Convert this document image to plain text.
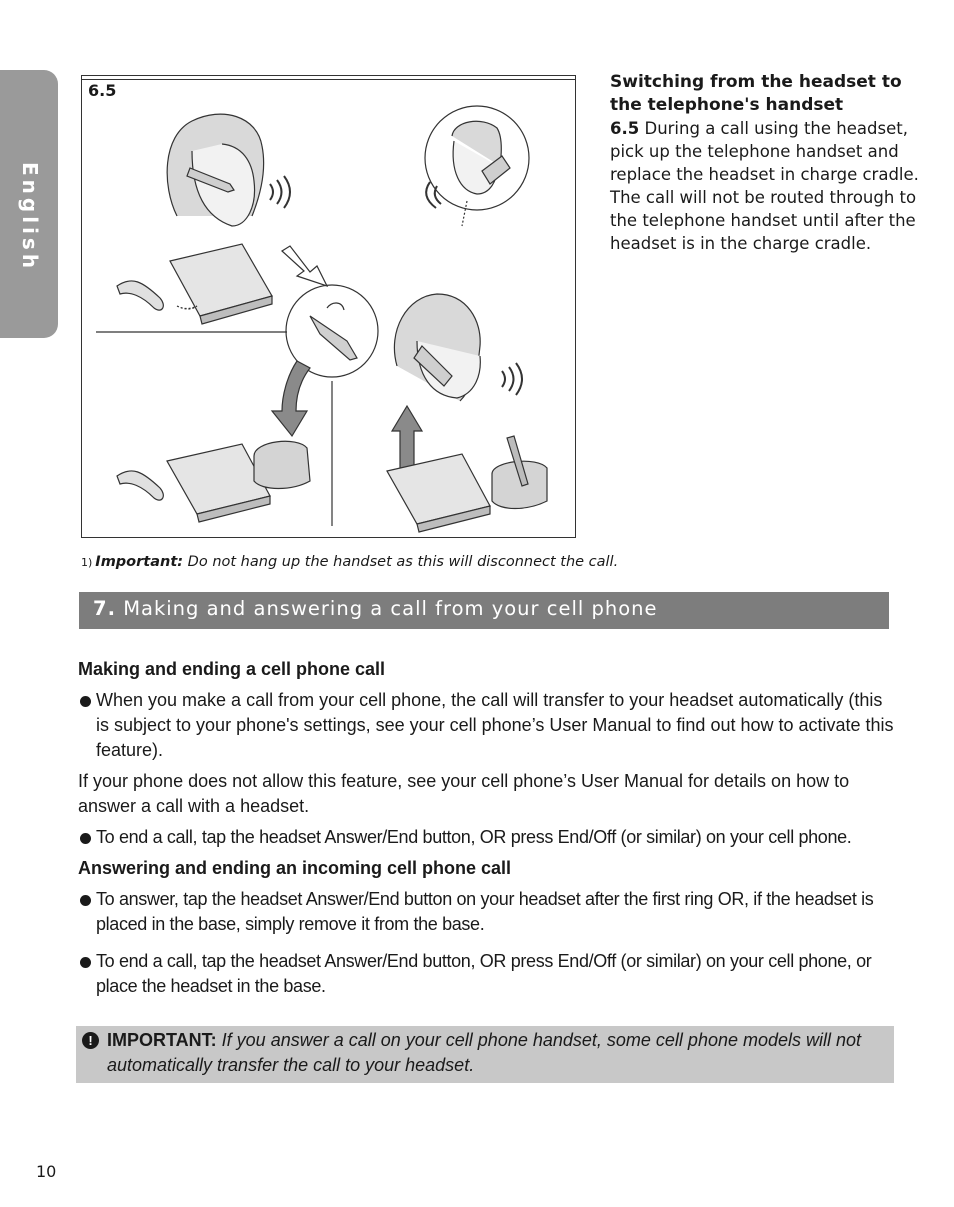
English
6.5	Switching from the headset to the telephone's handset
6.5 During a call using the headset, pick up the telephone handset and replace the headset in charge cradle. The call will not be routed through to the telephone handset until after the headset is in the charge cradle.
1) Important: Do not hang up the handset as this will disconnect the call.
7. Making and answering a call from your cell phone
Making and ending a cell phone call
When you make a call from your cell phone, the call will transfer to your headset automatically (this is subject to your phone's settings, see your cell phone’s User Manual to find out how to activate this feature).
If your phone does not allow this feature, see your cell phone’s User Manual for details on how to answer a call with a headset.
To end a call, tap the headset Answer/End button, OR press End/Off (or similar) on your cell phone.
Answering and ending an incoming cell phone call
To answer, tap the headset Answer/End button on your headset after the first ring OR, if the headset is placed in the base, simply remove it from the base.
To end a call, tap the headset Answer/End button, OR press End/Off (or similar) on your cell phone, or place the headset in the base.
! IMPORTANT: If you answer a call on your cell phone handset, some cell phone models will not automatically transfer the call to your headset.
10
